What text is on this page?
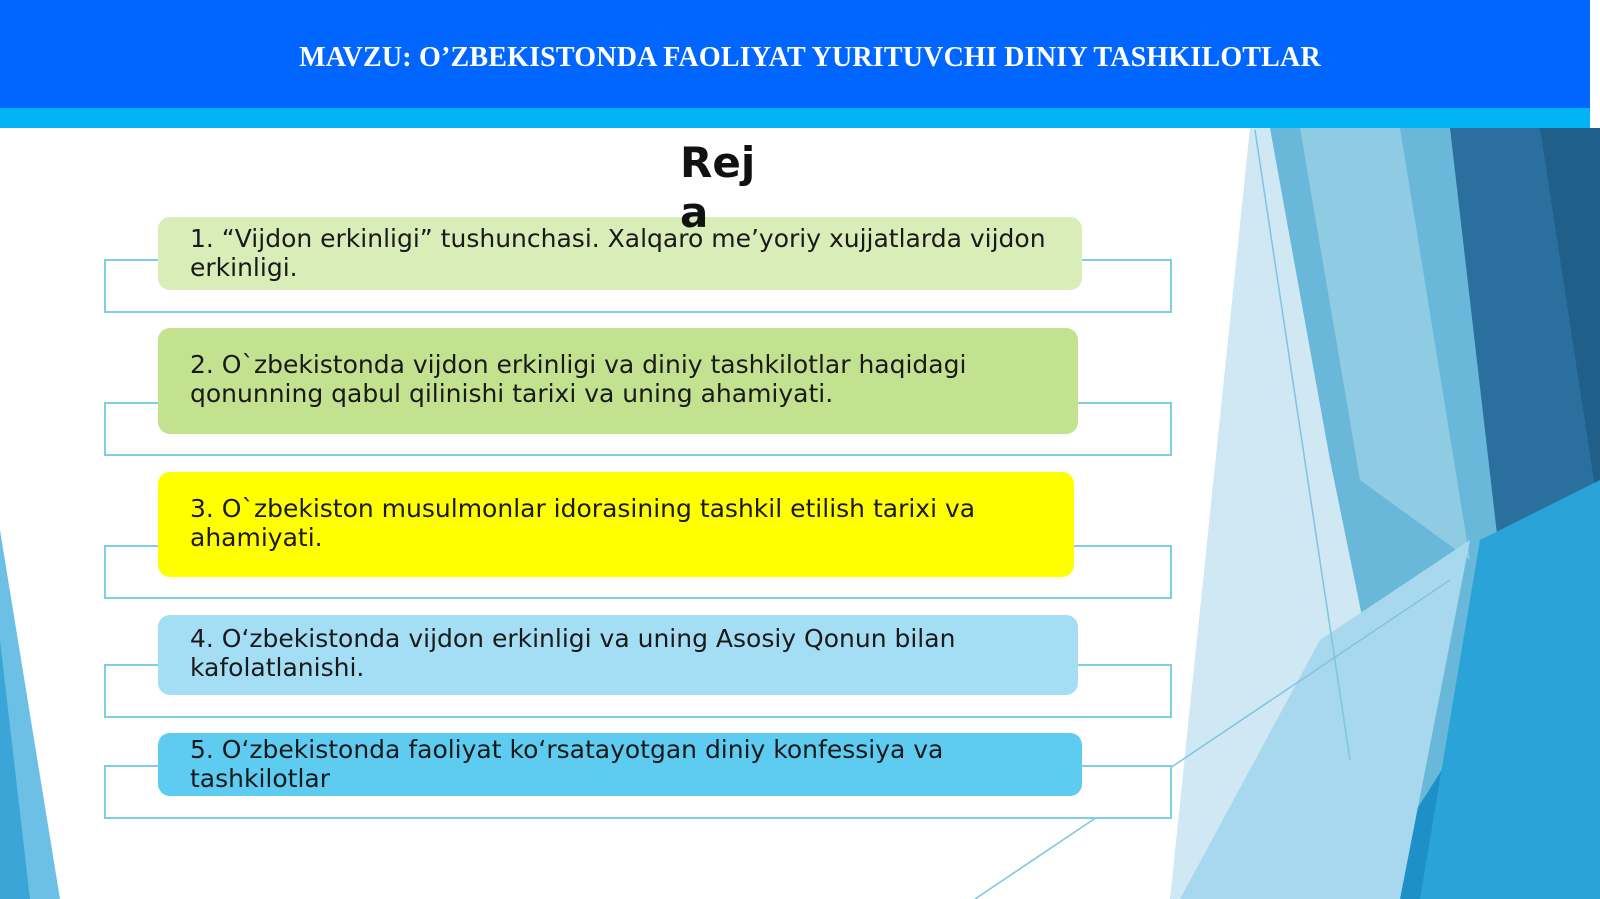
MAVZU: O’ZBEKISTONDA FAOLIYAT YURITUVCHI DINIY TASHKILOTLAR
Reja
1. “Vijdon erkinligi” tushunchasi. Xalqaro me’yoriy xujjatlarda vijdon erkinligi.
2. O`zbekistonda vijdon erkinligi va diniy tashkilotlar haqidagi qonunning qabul qilinishi tarixi va uning ahamiyati.
3. O`zbekiston musulmonlar idorasining tashkil etilish tarixi va ahamiyati.
4. O‘zbekistonda vijdon erkinligi va uning Asosiy Qonun bilan kafolatlanishi.
5. O‘zbekistonda faoliyat ko‘rsatayotgan diniy konfessiya va tashkilotlar
